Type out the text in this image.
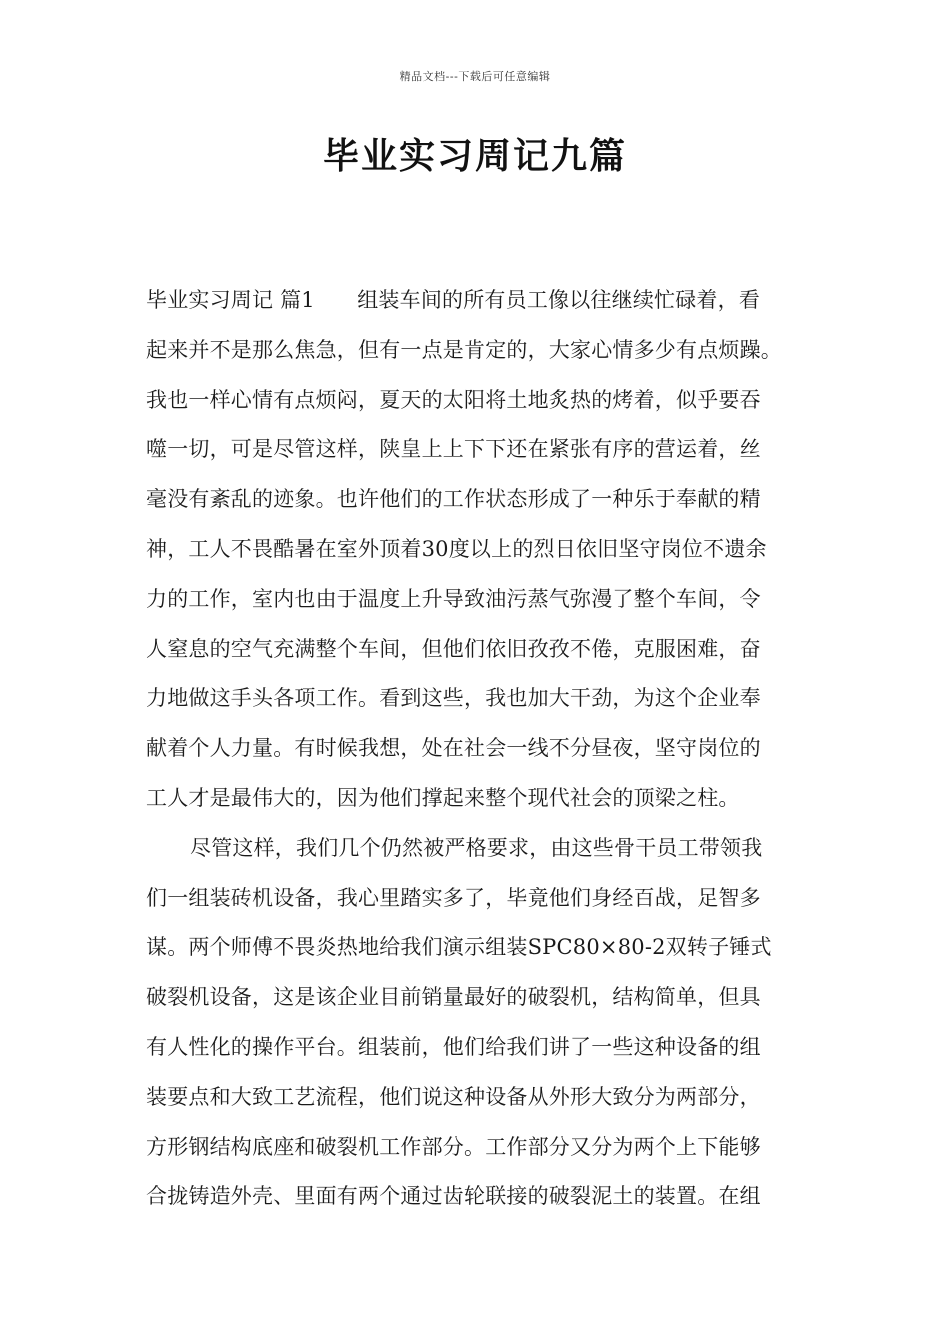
精品文档---下载后可任意编辑
毕业实习周记九篇
毕业实习周记 篇1　　组装车间的所有员工像以往继续忙碌着，看
起来并不是那么焦急，但有一点是肯定的，大家心情多少有点烦躁。
我也一样心情有点烦闷，夏天的太阳将土地炙热的烤着，似乎要吞
噬一切，可是尽管这样，陕皇上上下下还在紧张有序的营运着，丝
毫没有紊乱的迹象。也许他们的工作状态形成了一种乐于奉献的精
神，工人不畏酷暑在室外顶着30度以上的烈日依旧坚守岗位不遗余
力的工作，室内也由于温度上升导致油污蒸气弥漫了整个车间，令
人窒息的空气充满整个车间，但他们依旧孜孜不倦，克服困难，奋
力地做这手头各项工作。看到这些，我也加大干劲，为这个企业奉
献着个人力量。有时候我想，处在社会一线不分昼夜，坚守岗位的
工人才是最伟大的，因为他们撑起来整个现代社会的顶梁之柱。
尽管这样，我们几个仍然被严格要求，由这些骨干员工带领我
们一组装砖机设备，我心里踏实多了，毕竟他们身经百战，足智多
谋。两个师傅不畏炎热地给我们演示组装SPC80×80-2双转子锤式
破裂机设备，这是该企业目前销量最好的破裂机，结构简单，但具
有人性化的操作平台。组装前，他们给我们讲了一些这种设备的组
装要点和大致工艺流程，他们说这种设备从外形大致分为两部分，
方形钢结构底座和破裂机工作部分。工作部分又分为两个上下能够
合拢铸造外壳、里面有两个通过齿轮联接的破裂泥土的装置。在组
